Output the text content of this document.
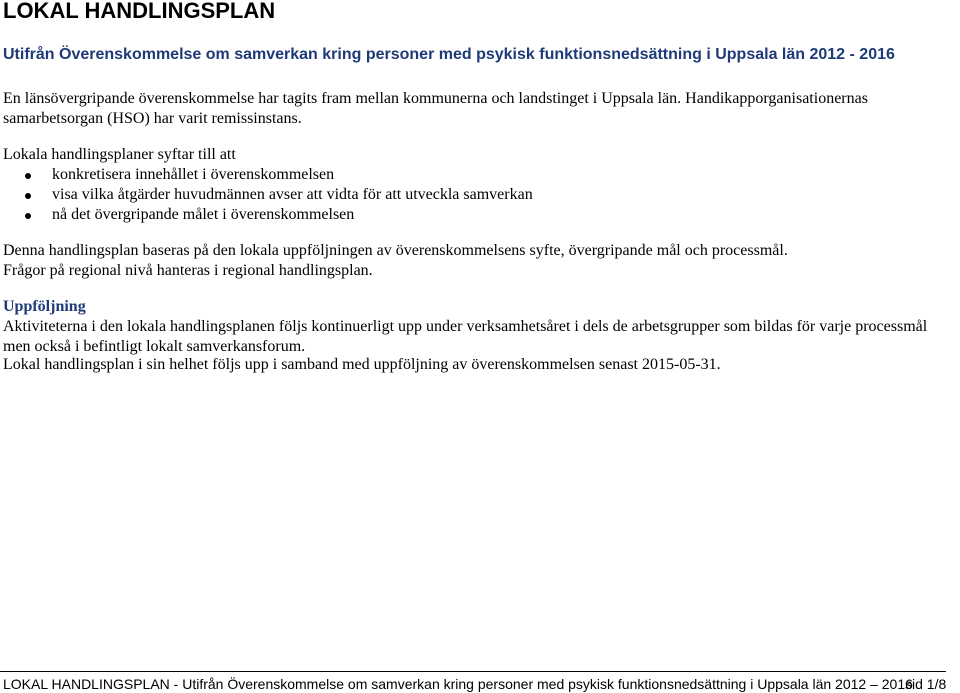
LOKAL HANDLINGSPLAN
Utifrån Överenskommelse om samverkan kring personer med psykisk funktionsnedsättning i Uppsala län 2012 - 2016

En länsövergripande överenskommelse har tagits fram mellan kommunerna och landstinget i Uppsala län. Handikapporganisationernas

samarbetsorgan (HSO) har varit remissinstans.

Lokala handlingsplaner syftar till att

konkretisera innehållet i överenskommelsen
visa vilka åtgärder huvudmännen avser att vidta för att utveckla samverkan
nå det övergripande målet i överenskommelsen

Denna handlingsplan baseras på den lokala uppföljningen av överenskommelsens syfte, övergripande mål och processmål.

Frågor på regional nivå hanteras i regional handlingsplan.

Uppföljning

Aktiviteterna i den lokala handlingsplanen följs kontinuerligt upp under verksamhetsåret i dels de arbetsgrupper som bildas för varje processmål

men också i befintligt lokalt samverkansforum.

Lokal handlingsplan i sin helhet följs upp i samband med uppföljning av överenskommelsen senast 2015-05-31.

LOKAL HANDLINGSPLAN - Utifrån Överenskommelse om samverkan kring personer med psykisk funktionsnedsättning i Uppsala län 2012 – 2016

sid 1/8
